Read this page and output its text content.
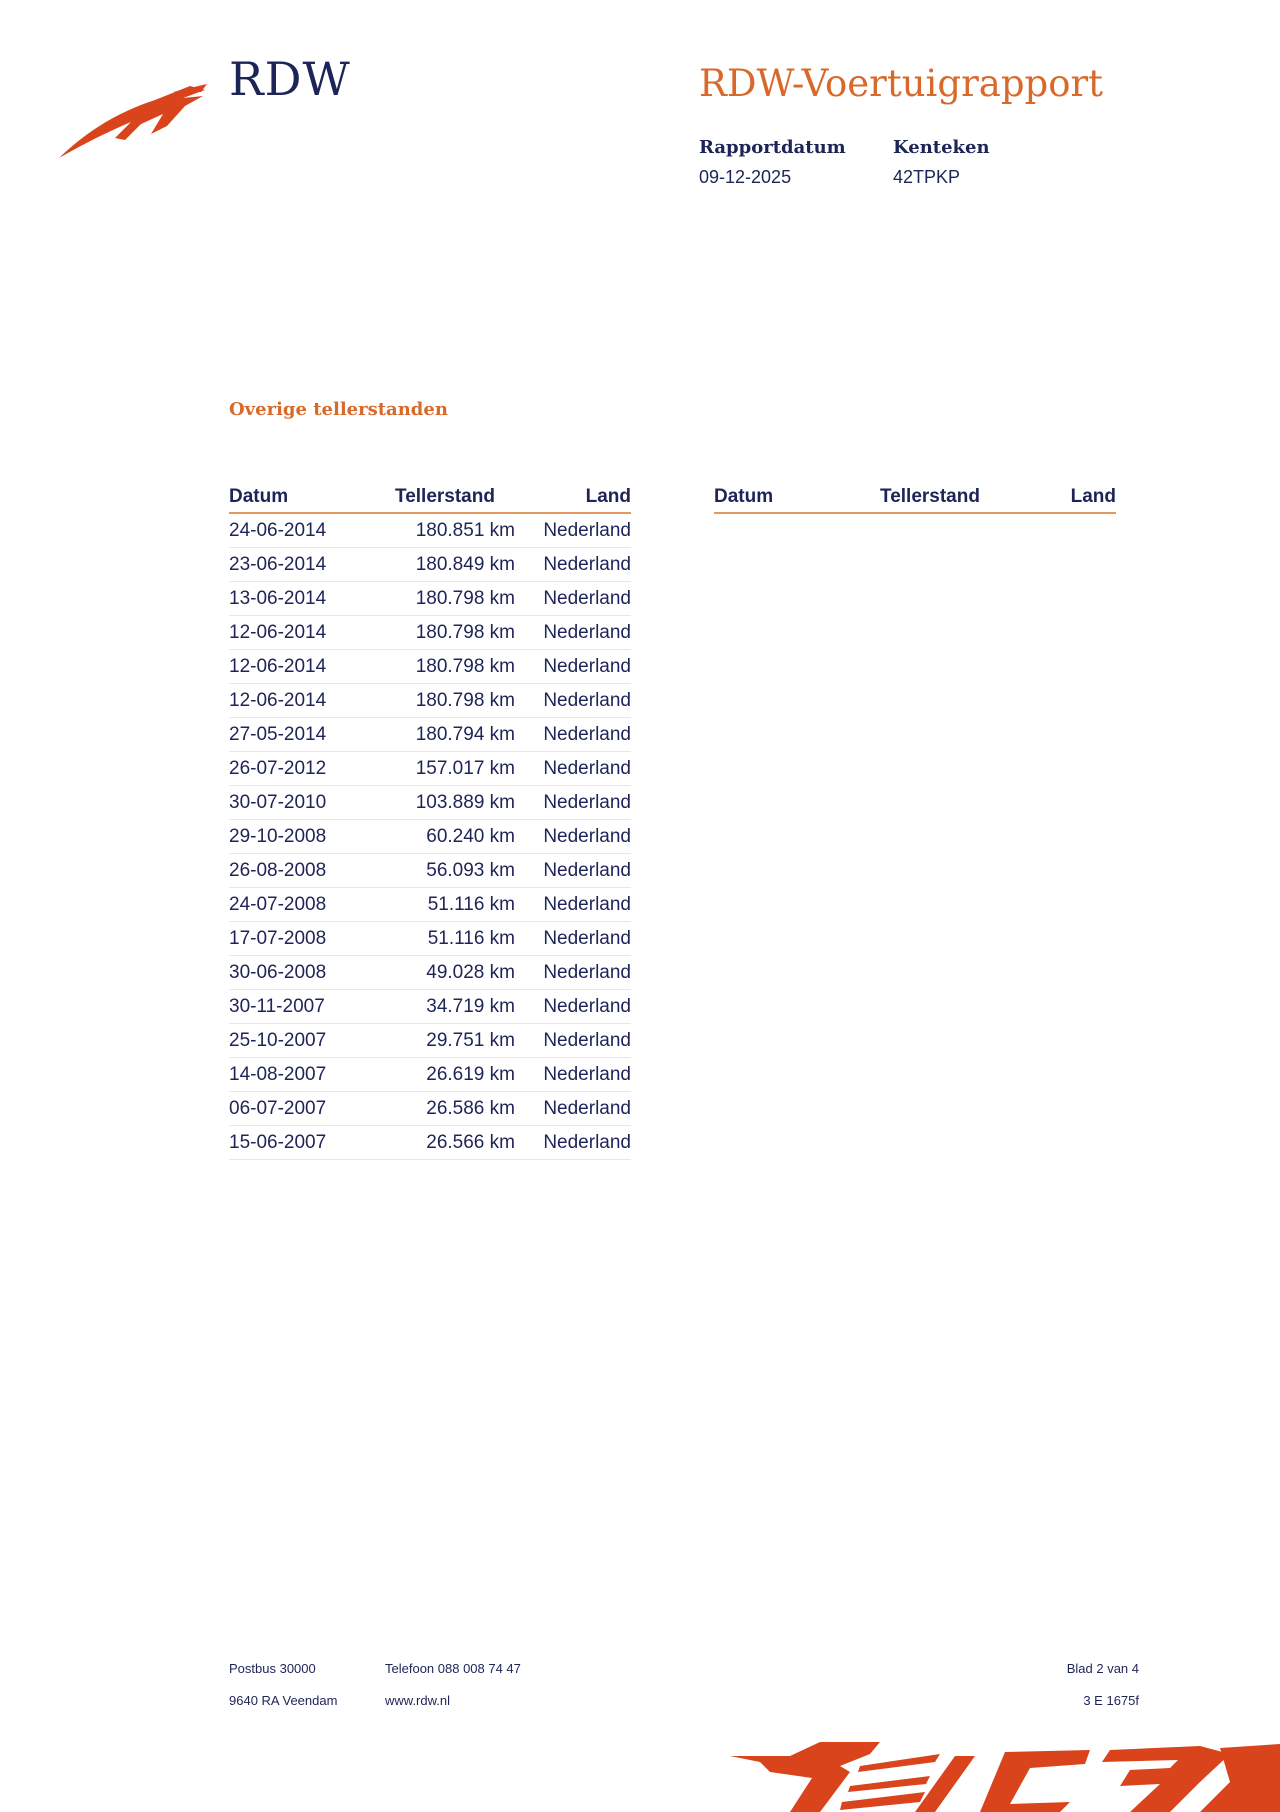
RDW	RDW-Voertuigrapport
Rapportdatum
09-12-2025
Kenteken
42TPKP
Overige tellerstanden
Datum	Tellerstand	Land
24-06-2014	180.851 km	Nederland
23-06-2014	180.849 km	Nederland
13-06-2014	180.798 km	Nederland
12-06-2014	180.798 km	Nederland
12-06-2014	180.798 km	Nederland
12-06-2014	180.798 km	Nederland
27-05-2014	180.794 km	Nederland
26-07-2012	157.017 km	Nederland
30-07-2010	103.889 km	Nederland
29-10-2008	60.240 km	Nederland
26-08-2008	56.093 km	Nederland
24-07-2008	51.116 km	Nederland
17-07-2008	51.116 km	Nederland
30-06-2008	49.028 km	Nederland
30-11-2007	34.719 km	Nederland
25-10-2007	29.751 km	Nederland
14-08-2007	26.619 km	Nederland
06-07-2007	26.586 km	Nederland
15-06-2007	26.566 km	Nederland
Datum	Tellerstand	Land
Postbus 30000
9640 RA Veendam
Telefoon 088 008 74 47
www.rdw.nl
Blad 2 van 4
3 E 1675f
